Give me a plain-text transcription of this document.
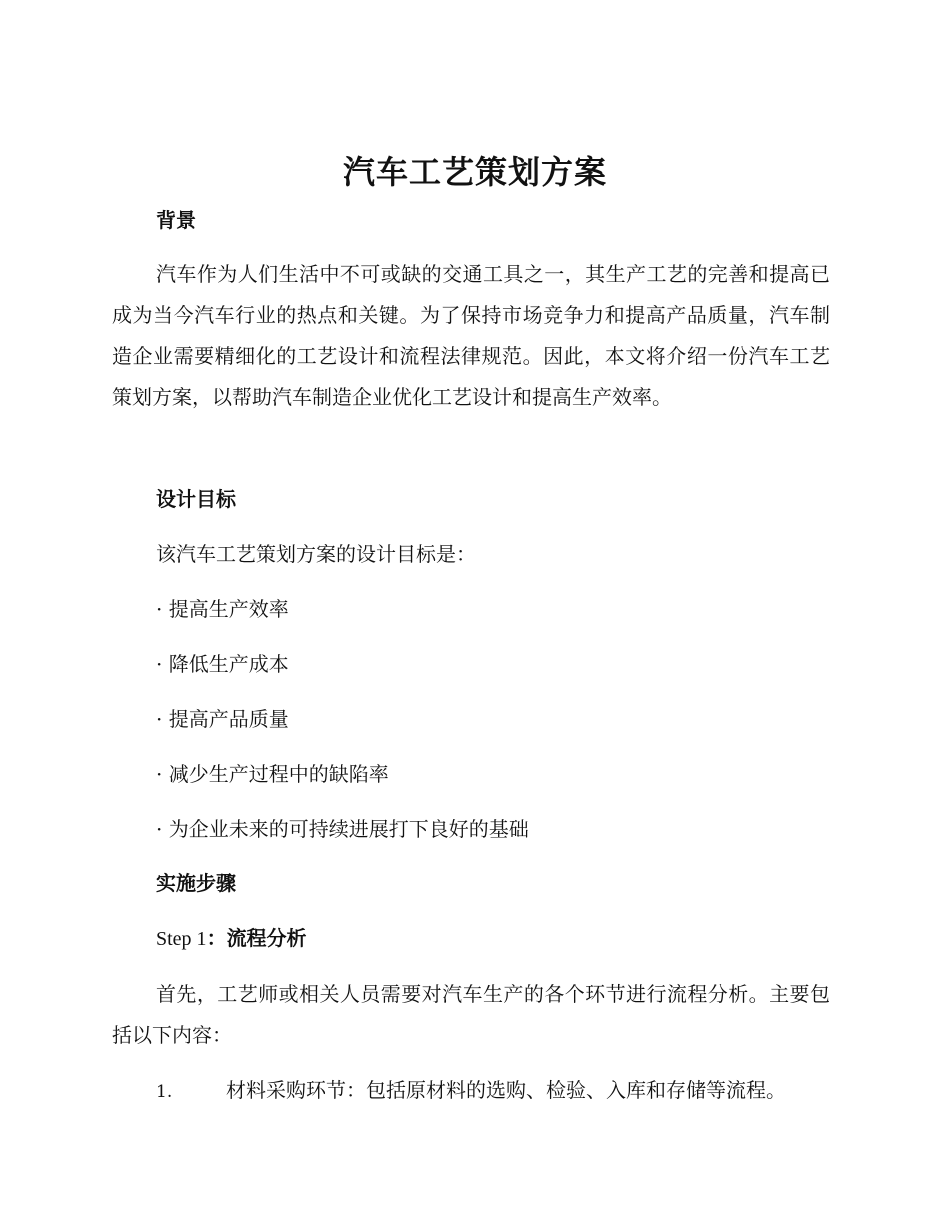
汽车工艺策划方案
背景
汽车作为人们生活中不可或缺的交通工具之一，其生产工艺的完善和提高已成为当今汽车行业的热点和关键。为了保持市场竞争力和提高产品质量，汽车制造企业需要精细化的工艺设计和流程法律规范。因此，本文将介绍一份汽车工艺策划方案，以帮助汽车制造企业优化工艺设计和提高生产效率。
设计目标
该汽车工艺策划方案的设计目标是：
· 提高生产效率
· 降低生产成本
· 提高产品质量
· 减少生产过程中的缺陷率
· 为企业未来的可持续进展打下良好的基础
实施步骤
Step 1：流程分析
首先，工艺师或相关人员需要对汽车生产的各个环节进行流程分析。主要包括以下内容：
1.	材料采购环节：包括原材料的选购、检验、入库和存储等流程。
